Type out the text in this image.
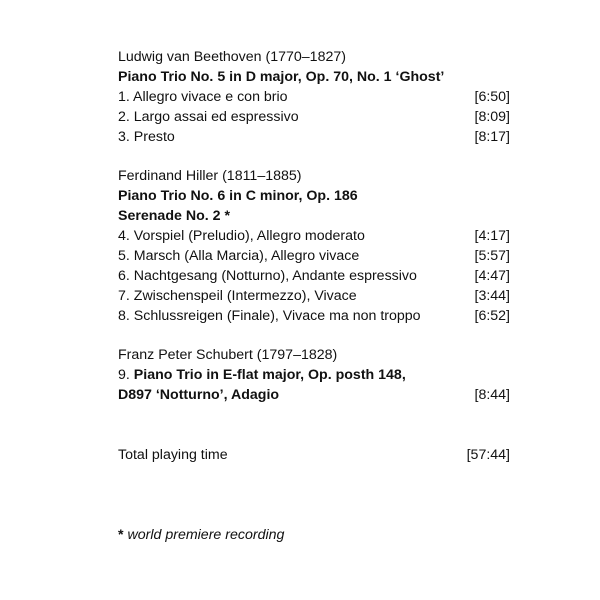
Ludwig van Beethoven (1770–1827)
Piano Trio No. 5 in D major, Op. 70, No. 1 ‘Ghost’
1. Allegro vivace e con brio	[6:50]
2. Largo assai ed espressivo	[8:09]
3. Presto	[8:17]
Ferdinand Hiller (1811–1885)
Piano Trio No. 6 in C minor, Op. 186
Serenade No. 2 *
4. Vorspiel (Preludio), Allegro moderato	[4:17]
5. Marsch (Alla Marcia), Allegro vivace	[5:57]
6. Nachtgesang (Notturno), Andante espressivo	[4:47]
7. Zwischenspeil (Intermezzo), Vivace	[3:44]
8. Schlussreigen (Finale), Vivace ma non troppo	[6:52]
Franz Peter Schubert (1797–1828)
9. Piano Trio in E-flat major, Op. posth 148,
D897 ‘Notturno’, Adagio	[8:44]
Total playing time	[57:44]
* world premiere recording
